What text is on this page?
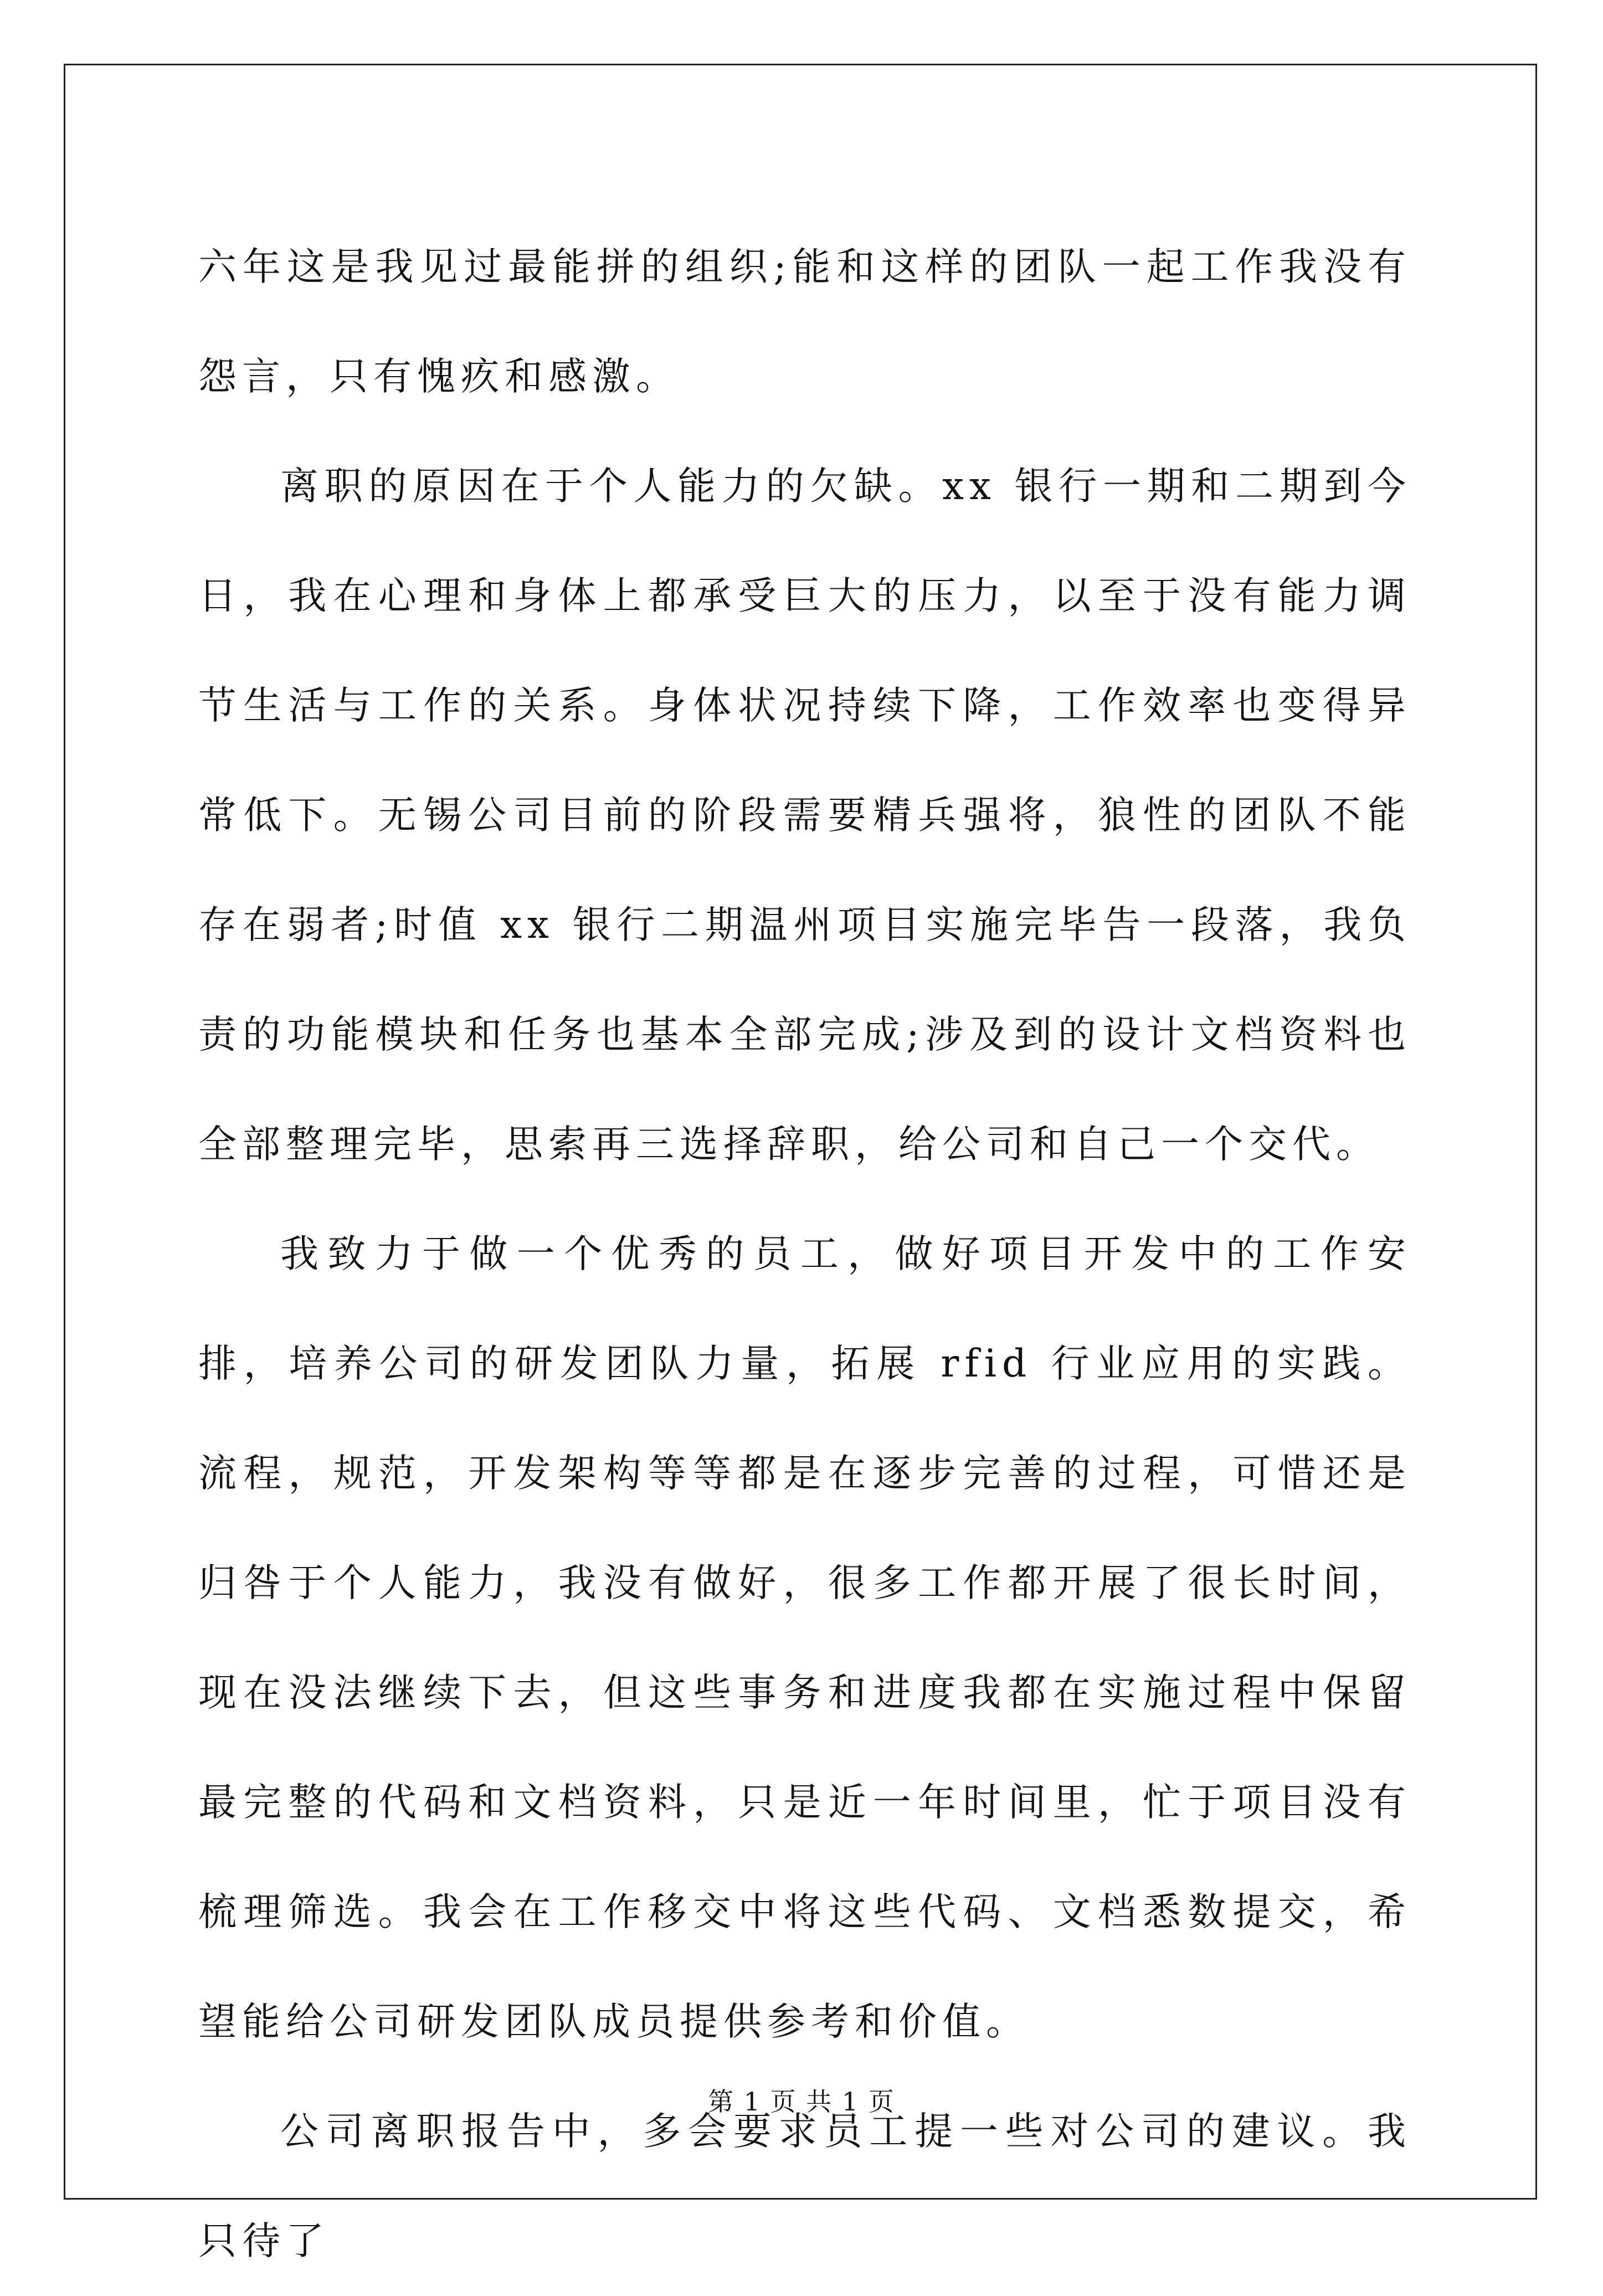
六年这是我见过最能拼的组织;能和这样的团队一起工作我没有怨言，只有愧疚和感激。

离职的原因在于个人能力的欠缺。xx 银行一期和二期到今日，我在心理和身体上都承受巨大的压力，以至于没有能力调节生活与工作的关系。身体状况持续下降，工作效率也变得异常低下。无锡公司目前的阶段需要精兵强将，狼性的团队不能存在弱者;时值 xx 银行二期温州项目实施完毕告一段落，我负责的功能模块和任务也基本全部完成;涉及到的设计文档资料也全部整理完毕，思索再三选择辞职，给公司和自己一个交代。

我致力于做一个优秀的员工，做好项目开发中的工作安排，培养公司的研发团队力量，拓展 rfid 行业应用的实践。流程，规范，开发架构等等都是在逐步完善的过程，可惜还是归咎于个人能力，我没有做好，很多工作都开展了很长时间，现在没法继续下去，但这些事务和进度我都在实施过程中保留最完整的代码和文档资料，只是近一年时间里，忙于项目没有梳理筛选。我会在工作移交中将这些代码、文档悉数提交，希望能给公司研发团队成员提供参考和价值。

公司离职报告中，多会要求员工提一些对公司的建议。我只待了

第 1 页 共 1 页
